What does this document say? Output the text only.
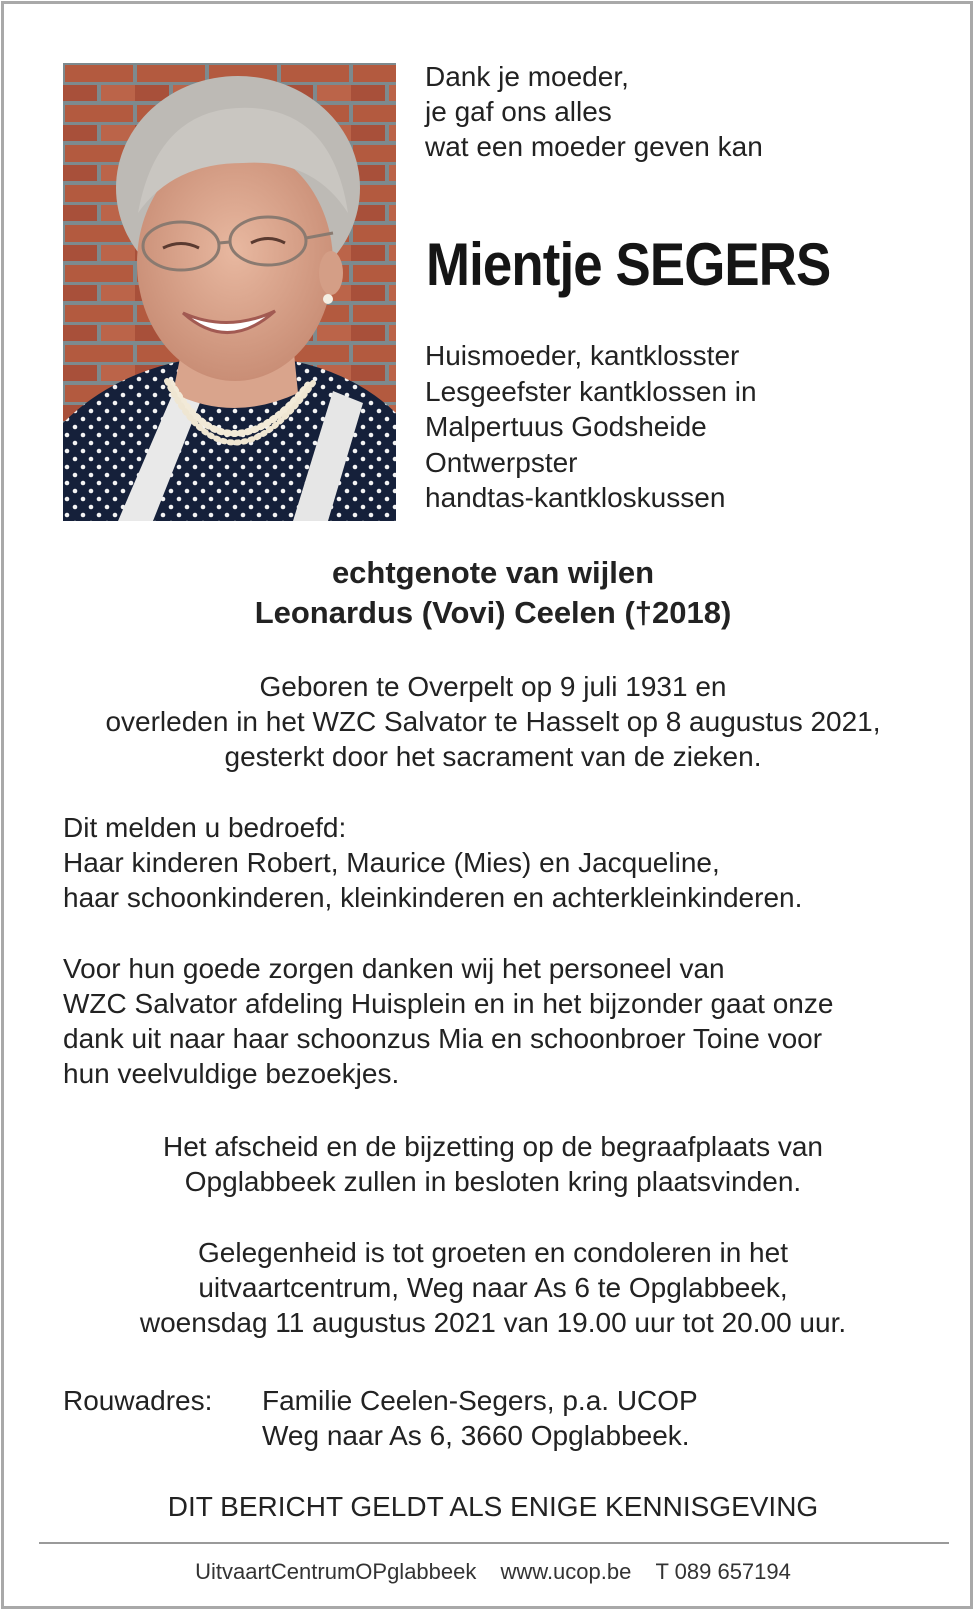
Dank je moeder,
je gaf ons alles
wat een moeder geven kan
Mientje SEGERS
Huismoeder, kantklosster
Lesgeefster kantklossen in
Malpertuus Godsheide
Ontwerpster
handtas-kantkloskussen
echtgenote van wijlen
Leonardus (Vovi) Ceelen (†2018)
Geboren te Overpelt op 9 juli 1931 en
overleden in het WZC Salvator te Hasselt op 8 augustus 2021,
gesterkt door het sacrament van de zieken.
Dit melden u bedroefd:
Haar kinderen Robert, Maurice (Mies) en Jacqueline,
haar schoonkinderen, kleinkinderen en achterkleinkinderen.
Voor hun goede zorgen danken wij het personeel van
WZC Salvator afdeling Huisplein en in het bijzonder gaat onze
dank uit naar haar schoonzus Mia en schoonbroer Toine voor
hun veelvuldige bezoekjes.
Het afscheid en de bijzetting op de begraafplaats van
Opglabbeek zullen in besloten kring plaatsvinden.
Gelegenheid is tot groeten en condoleren in het
uitvaartcentrum, Weg naar As 6 te Opglabbeek,
woensdag 11 augustus 2021 van 19.00 uur tot 20.00 uur.
Rouwadres: Familie Ceelen-Segers, p.a. UCOP
Weg naar As 6, 3660 Opglabbeek.
DIT BERICHT GELDT ALS ENIGE KENNISGEVING
UitvaartCentrumOPglabbeek www.ucop.be T 089 657194
